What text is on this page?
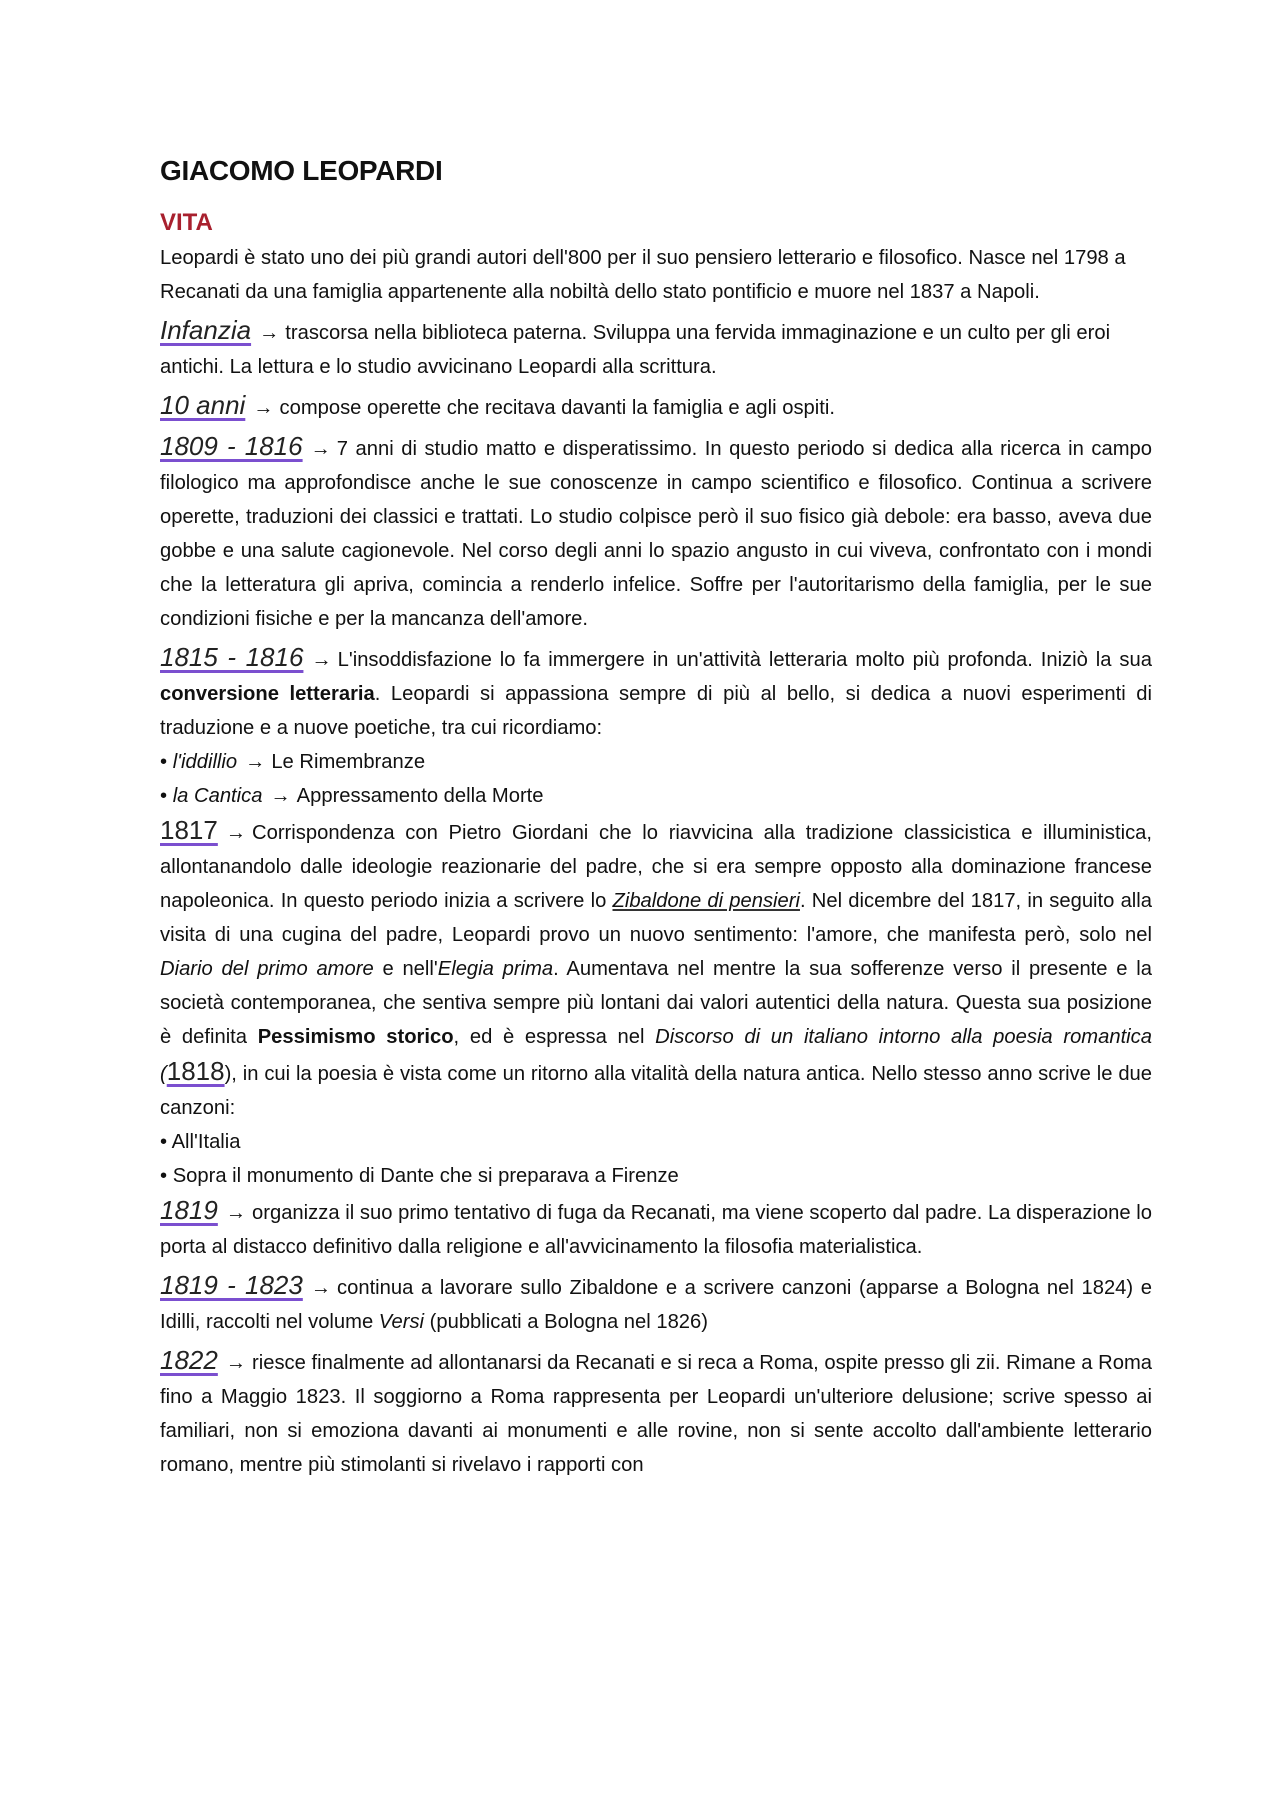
GIACOMO LEOPARDI
VITA

Leopardi è stato uno dei più grandi autori dell'800 per il suo pensiero letterario e filosofico. Nasce nel 1798 a Recanati da una famiglia appartenente alla nobiltà dello stato pontificio e muore nel 1837 a Napoli.

Infanzia → trascorsa nella biblioteca paterna. Sviluppa una fervida immaginazione e un culto per gli eroi antichi. La lettura e lo studio avvicinano Leopardi alla scrittura.

10 anni → compose operette che recitava davanti la famiglia e agli ospiti.

1809 - 1816 → 7 anni di studio matto e disperatissimo. In questo periodo si dedica alla ricerca in campo filologico ma approfondisce anche le sue conoscenze in campo scientifico e filosofico. Continua a scrivere operette, traduzioni dei classici e trattati. Lo studio colpisce però il suo fisico già debole: era basso, aveva due gobbe e una salute cagionevole. Nel corso degli anni lo spazio angusto in cui viveva, confrontato con i mondi che la letteratura gli apriva, comincia a renderlo infelice. Soffre per l'autoritarismo della famiglia, per le sue condizioni fisiche e per la mancanza dell'amore.

1815 - 1816 → L'insoddisfazione lo fa immergere in un'attività letteraria molto più profonda. Iniziò la sua conversione letteraria. Leopardi si appassiona sempre di più al bello, si dedica a nuovi esperimenti di traduzione e a nuove poetiche, tra cui ricordiamo:

• l'iddillio → Le Rimembranze
• la Cantica → Appressamento della Morte

1817 → Corrispondenza con Pietro Giordani che lo riavvicina alla tradizione classicistica e illuministica, allontanandolo dalle ideologie reazionarie del padre, che si era sempre opposto alla dominazione francese napoleonica. In questo periodo inizia a scrivere lo Zibaldone di pensieri. Nel dicembre del 1817, in seguito alla visita di una cugina del padre, Leopardi provo un nuovo sentimento: l'amore, che manifesta però, solo nel Diario del primo amore e nell'Elegia prima. Aumentava nel mentre la sua sofferenze verso il presente e la società contemporanea, che sentiva sempre più lontani dai valori autentici della natura. Questa sua posizione è definita Pessimismo storico, ed è espressa nel Discorso di un italiano intorno alla poesia romantica (1818), in cui la poesia è vista come un ritorno alla vitalità della natura antica. Nello stesso anno scrive le due canzoni:

• All'Italia
• Sopra il monumento di Dante che si preparava a Firenze

1819 → organizza il suo primo tentativo di fuga da Recanati, ma viene scoperto dal padre. La disperazione lo porta al distacco definitivo dalla religione e all'avvicinamento la filosofia materialistica.

1819 - 1823 → continua a lavorare sullo Zibaldone e a scrivere canzoni (apparse a Bologna nel 1824) e Idilli, raccolti nel volume Versi (pubblicati a Bologna nel 1826)

1822 → riesce finalmente ad allontanarsi da Recanati e si reca a Roma, ospite presso gli zii. Rimane a Roma fino a Maggio 1823. Il soggiorno a Roma rappresenta per Leopardi un'ulteriore delusione; scrive spesso ai familiari, non si emoziona davanti ai monumenti e alle rovine, non si sente accolto dall'ambiente letterario romano, mentre più stimolanti si rivelavo i rapporti con
